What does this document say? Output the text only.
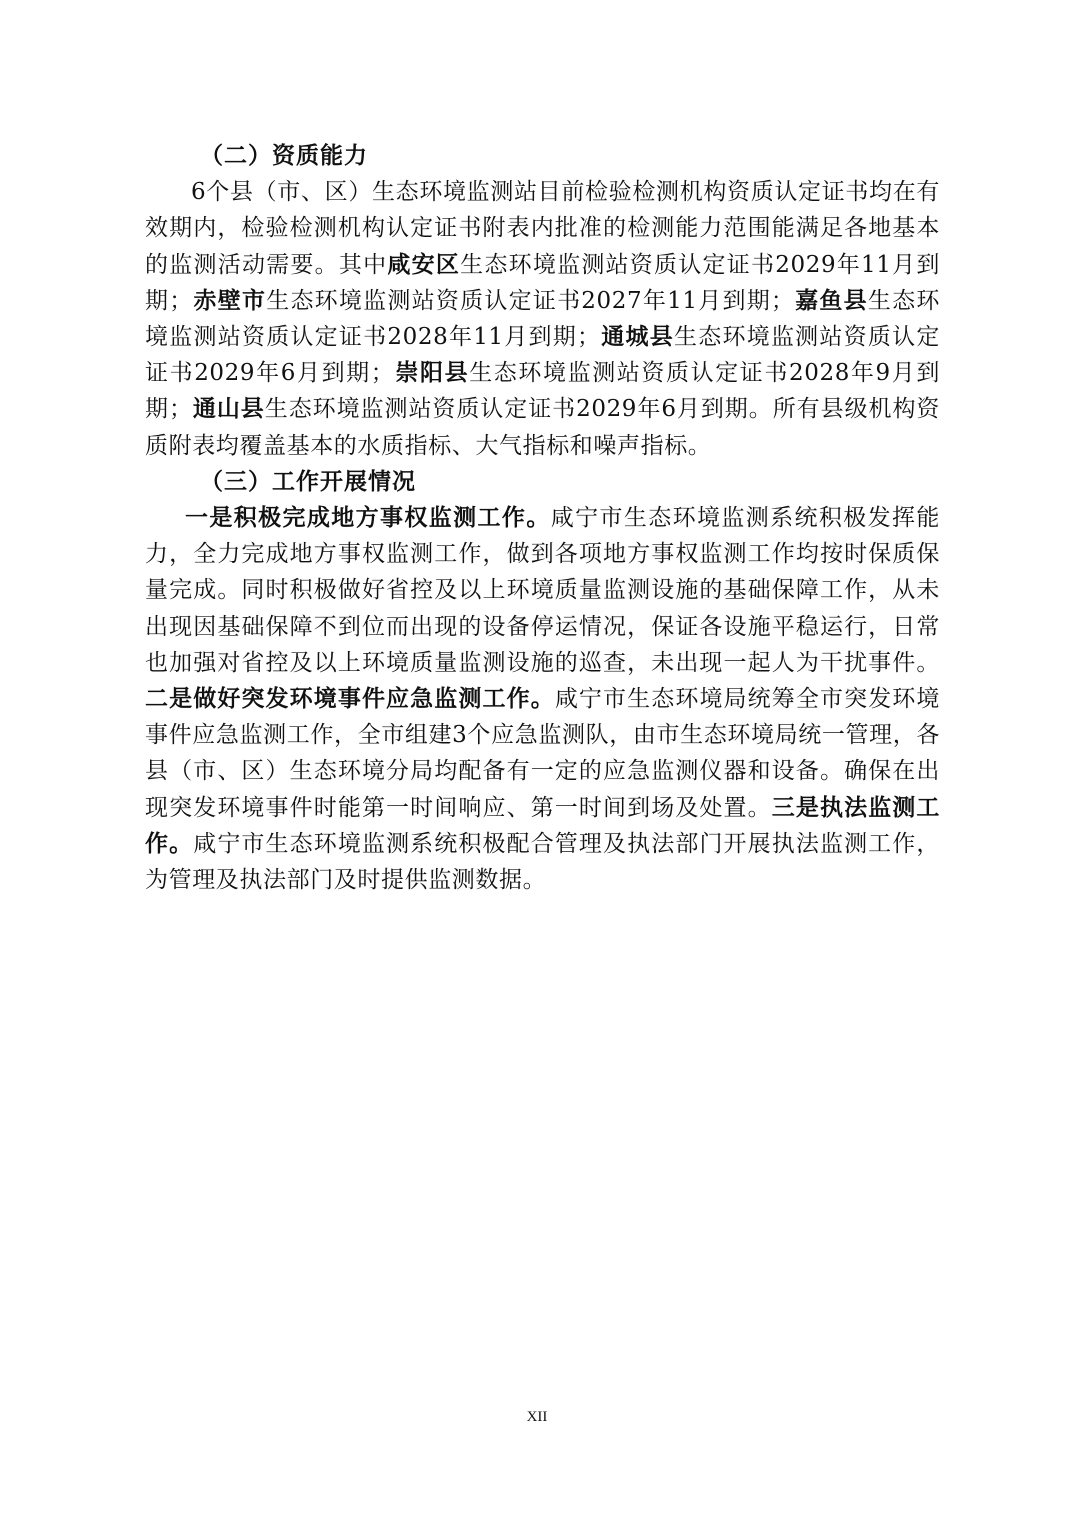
（二）资质能力

6个县（市、区）生态环境监测站目前检验检测机构资质认定证书均在有效期内，检验检测机构认定证书附表内批准的检测能力范围能满足各地基本的监测活动需要。其中咸安区生态环境监测站资质认定证书2029年11月到期；赤壁市生态环境监测站资质认定证书2027年11月到期；嘉鱼县生态环境监测站资质认定证书2028年11月到期；通城县生态环境监测站资质认定证书2029年6月到期；崇阳县生态环境监测站资质认定证书2028年9月到期；通山县生态环境监测站资质认定证书2029年6月到期。所有县级机构资质附表均覆盖基本的水质指标、大气指标和噪声指标。

（三）工作开展情况

一是积极完成地方事权监测工作。咸宁市生态环境监测系统积极发挥能力，全力完成地方事权监测工作，做到各项地方事权监测工作均按时保质保量完成。同时积极做好省控及以上环境质量监测设施的基础保障工作，从未出现因基础保障不到位而出现的设备停运情况，保证各设施平稳运行，日常也加强对省控及以上环境质量监测设施的巡查，未出现一起人为干扰事件。二是做好突发环境事件应急监测工作。咸宁市生态环境局统筹全市突发环境事件应急监测工作，全市组建3个应急监测队，由市生态环境局统一管理，各县（市、区）生态环境分局均配备有一定的应急监测仪器和设备。确保在出现突发环境事件时能第一时间响应、第一时间到场及处置。三是执法监测工作。咸宁市生态环境监测系统积极配合管理及执法部门开展执法监测工作，为管理及执法部门及时提供监测数据。

XII
